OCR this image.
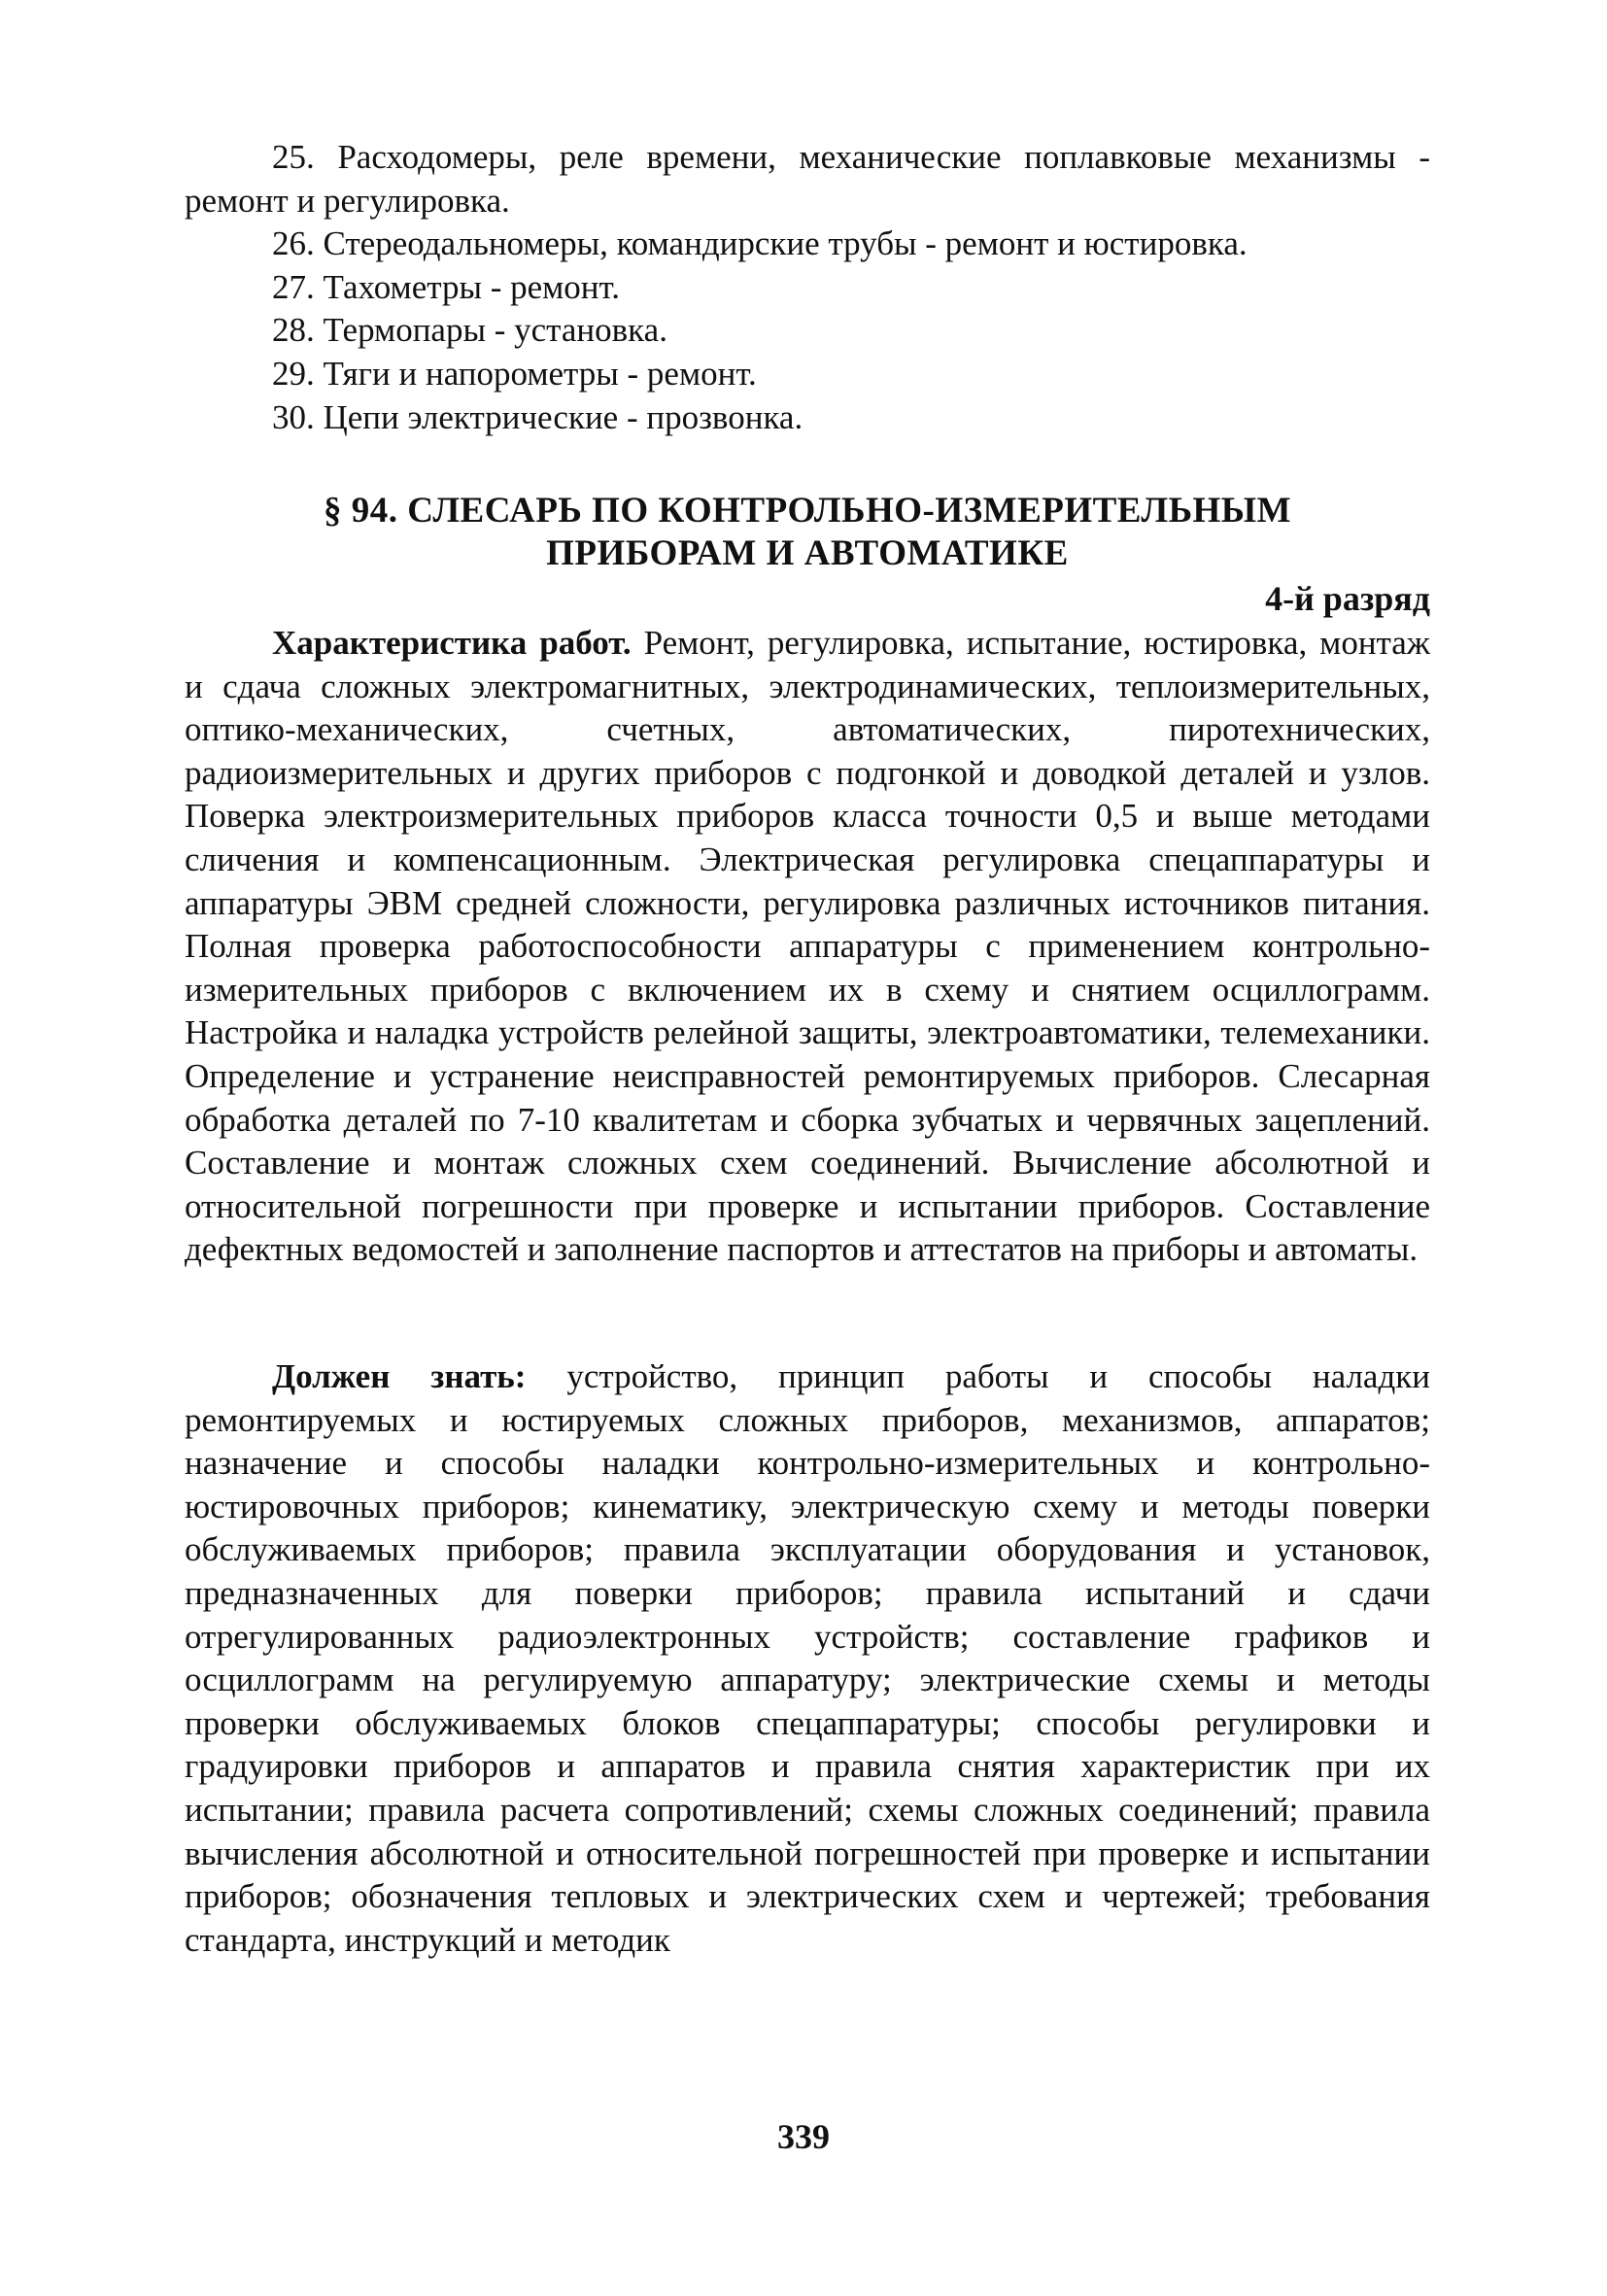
25. Расходомеры, реле времени, механические поплавковые механизмы - ремонт и регулировка.

26. Стереодальномеры, командирские трубы - ремонт и юстировка.

27. Тахометры - ремонт.

28. Термопары - установка.

29. Тяги и напорометры - ремонт.

30. Цепи электрические - прозвонка.

§ 94. СЛЕСАРЬ ПО КОНТРОЛЬНО-ИЗМЕРИТЕЛЬНЫМ
ПРИБОРАМ И АВТОМАТИКЕ
4-й разряд

Характеристика работ. Ремонт, регулировка, испытание, юстировка, монтаж и сдача сложных электромагнитных, электродинамических, теплоизмерительных, оптико-механических, счетных, автоматических, пиротехнических, радиоизмерительных и других приборов с подгонкой и доводкой деталей и узлов. Поверка электроизмерительных приборов класса точности 0,5 и выше методами сличения и компенсационным. Электрическая регулировка спецаппаратуры и аппаратуры ЭВМ средней сложности, регулировка различных источников питания. Полная проверка работоспособности аппаратуры с применением контрольно-измерительных приборов с включением их в схему и снятием осциллограмм. Настройка и наладка устройств релейной защиты, электроавтоматики, телемеханики. Определение и устранение неисправностей ремонтируемых приборов. Слесарная обработка деталей по 7-10 квалитетам и сборка зубчатых и червячных зацеплений. Составление и монтаж сложных схем соединений. Вычисление абсолютной и относительной погрешности при проверке и испытании приборов. Составление дефектных ведомостей и заполнение паспортов и аттестатов на приборы и автоматы.

Должен знать: устройство, принцип работы и способы наладки ремонтируемых и юстируемых сложных приборов, механизмов, аппаратов; назначение и способы наладки контрольно-измерительных и контрольно-юстировочных приборов; кинематику, электрическую схему и методы поверки обслуживаемых приборов; правила эксплуатации оборудования и установок, предназначенных для поверки приборов; правила испытаний и сдачи отрегулированных радиоэлектронных устройств; составление графиков и осциллограмм на регулируемую аппаратуру; электрические схемы и методы проверки обслуживаемых блоков спецаппаратуры; способы регулировки и градуировки приборов и аппаратов и правила снятия характеристик при их испытании; правила расчета сопротивлений; схемы сложных соединений; правила вычисления абсолютной и относительной погрешностей при проверке и испытании приборов; обозначения тепловых и электрических схем и чертежей; требования стандарта, инструкций и методик

339
